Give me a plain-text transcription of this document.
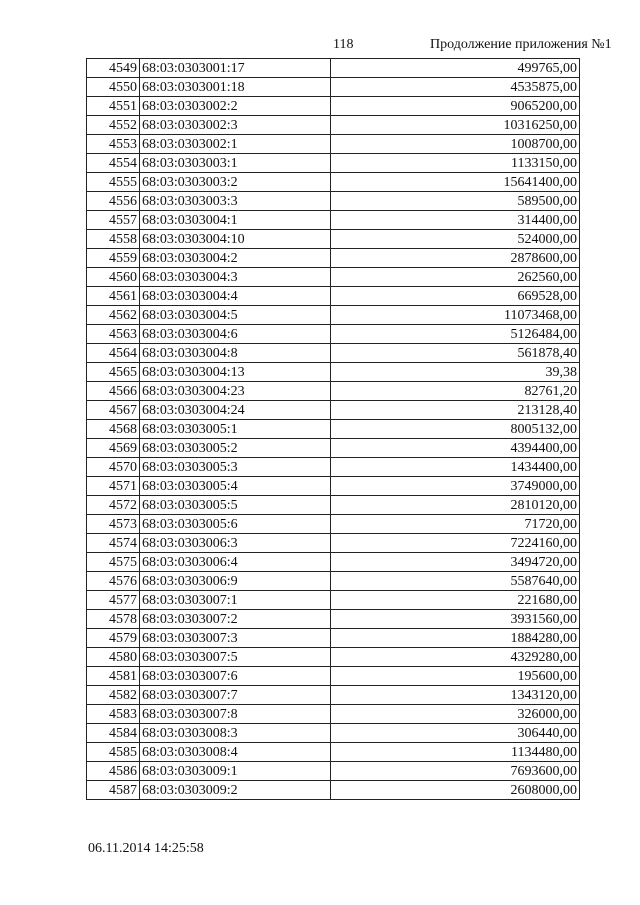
118	Продолжение приложения №1
4549	68:03:0303001:17	499765,00
4550	68:03:0303001:18	4535875,00
4551	68:03:0303002:2	9065200,00
4552	68:03:0303002:3	10316250,00
4553	68:03:0303002:1	1008700,00
4554	68:03:0303003:1	1133150,00
4555	68:03:0303003:2	15641400,00
4556	68:03:0303003:3	589500,00
4557	68:03:0303004:1	314400,00
4558	68:03:0303004:10	524000,00
4559	68:03:0303004:2	2878600,00
4560	68:03:0303004:3	262560,00
4561	68:03:0303004:4	669528,00
4562	68:03:0303004:5	11073468,00
4563	68:03:0303004:6	5126484,00
4564	68:03:0303004:8	561878,40
4565	68:03:0303004:13	39,38
4566	68:03:0303004:23	82761,20
4567	68:03:0303004:24	213128,40
4568	68:03:0303005:1	8005132,00
4569	68:03:0303005:2	4394400,00
4570	68:03:0303005:3	1434400,00
4571	68:03:0303005:4	3749000,00
4572	68:03:0303005:5	2810120,00
4573	68:03:0303005:6	71720,00
4574	68:03:0303006:3	7224160,00
4575	68:03:0303006:4	3494720,00
4576	68:03:0303006:9	5587640,00
4577	68:03:0303007:1	221680,00
4578	68:03:0303007:2	3931560,00
4579	68:03:0303007:3	1884280,00
4580	68:03:0303007:5	4329280,00
4581	68:03:0303007:6	195600,00
4582	68:03:0303007:7	1343120,00
4583	68:03:0303007:8	326000,00
4584	68:03:0303008:3	306440,00
4585	68:03:0303008:4	1134480,00
4586	68:03:0303009:1	7693600,00
4587	68:03:0303009:2	2608000,00
06.11.2014 14:25:58
